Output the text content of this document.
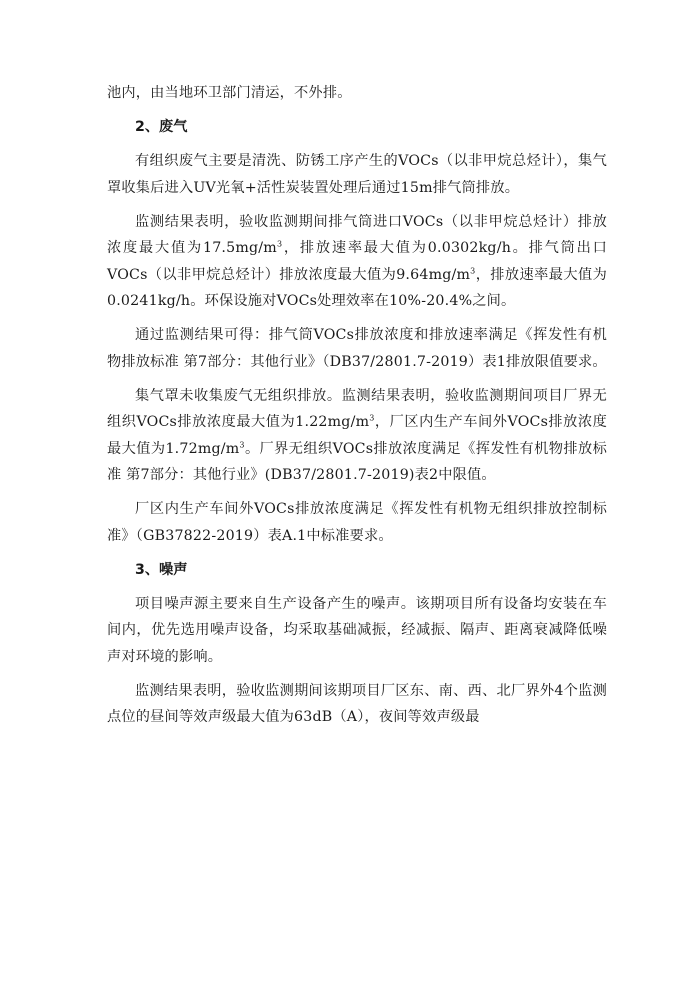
池内，由当地环卫部门清运，不外排。

2、废气

有组织废气主要是清洗、防锈工序产生的VOCs（以非甲烷总烃计），集气罩收集后进入UV光氧+活性炭装置处理后通过15m排气筒排放。

监测结果表明，验收监测期间排气筒进口VOCs（以非甲烷总烃计）排放浓度最大值为$17.5mg/m^3$，排放速率最大值为0.0302kg/h。排气筒出口VOCs（以非甲烷总烃计）排放浓度最大值为$9.64mg/m^3$，排放速率最大值为0.0241kg/h。环保设施对VOCs处理效率在10%-20.4%之间。

通过监测结果可得：排气筒VOCs排放浓度和排放速率满足《挥发性有机物排放标准 第7部分：其他行业》（DB37/2801.7-2019）表1排放限值要求。

集气罩未收集废气无组织排放。监测结果表明，验收监测期间项目厂界无组织VOCs排放浓度最大值为$1.22mg/m^3$，厂区内生产车间外VOCs排放浓度最大值为$1.72mg/m^3$。厂界无组织VOCs排放浓度满足《挥发性有机物排放标准 第7部分：其他行业》(DB37/2801.7-2019)表2中限值。

厂区内生产车间外VOCs排放浓度满足《挥发性有机物无组织排放控制标准》（GB37822-2019）表A.1中标准要求。

3、噪声

项目噪声源主要来自生产设备产生的噪声。该期项目所有设备均安装在车间内，优先选用噪声设备，均采取基础减振，经减振、隔声、距离衰减降低噪声对环境的影响。

监测结果表明，验收监测期间该期项目厂区东、南、西、北厂界外4个监测点位的昼间等效声级最大值为63dB（A），夜间等效声级最
